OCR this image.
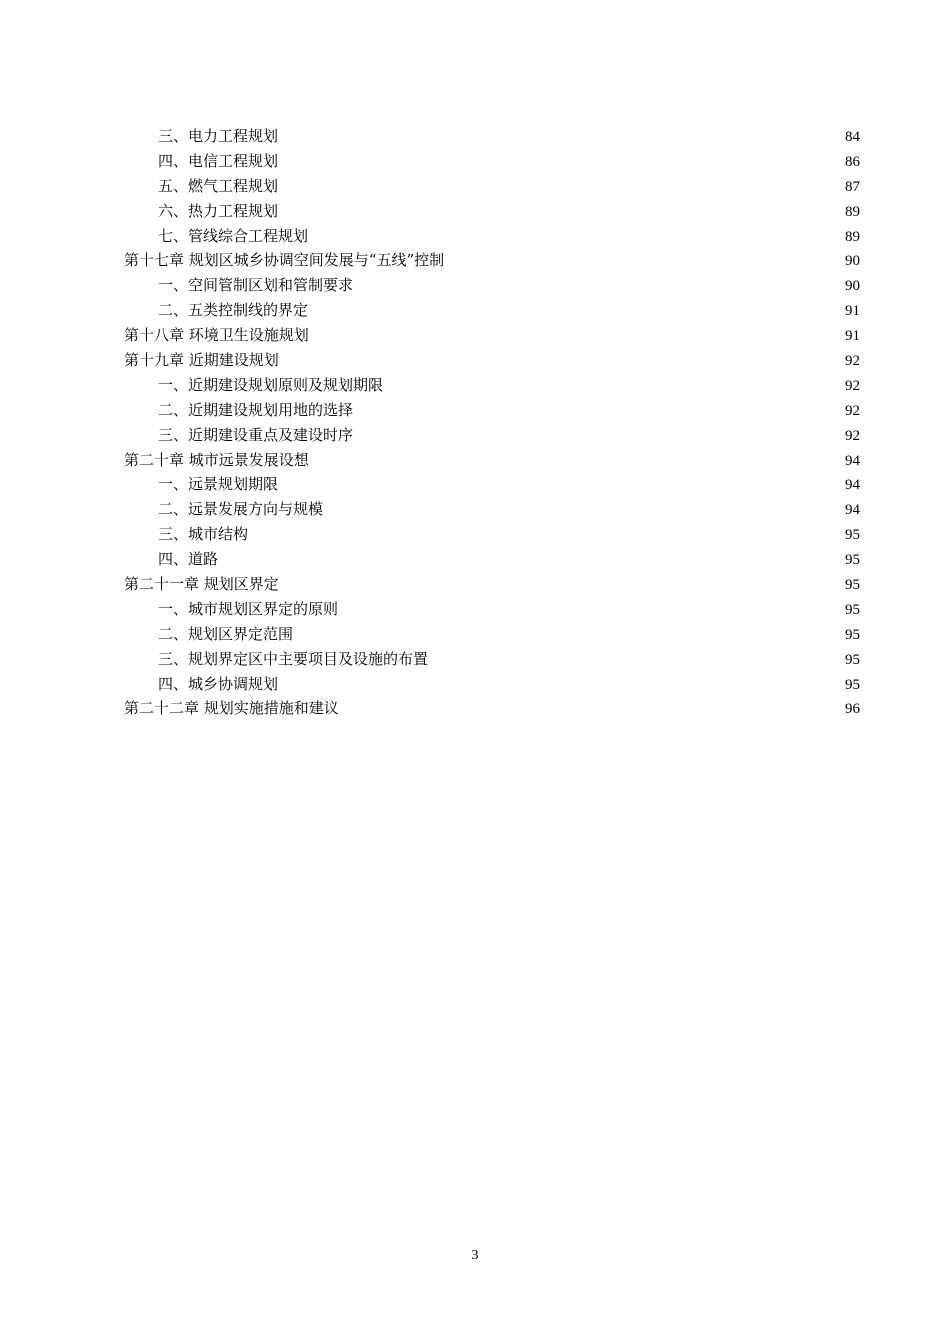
三、电力工程规划	84
四、电信工程规划	86
五、燃气工程规划	87
六、热力工程规划	89
七、管线综合工程规划	89
第十七章 规划区城乡协调空间发展与“五线”控制	90
一、空间管制区划和管制要求	90
二、五类控制线的界定	91
第十八章 环境卫生设施规划	91
第十九章 近期建设规划	92
一、近期建设规划原则及规划期限	92
二、近期建设规划用地的选择	92
三、近期建设重点及建设时序	92
第二十章 城市远景发展设想	94
一、远景规划期限	94
二、远景发展方向与规模	94
三、城市结构	95
四、道路	95
第二十一章 规划区界定	95
一、城市规划区界定的原则	95
二、规划区界定范围	95
三、规划界定区中主要项目及设施的布置	95
四、城乡协调规划	95
第二十二章 规划实施措施和建议	96
3
